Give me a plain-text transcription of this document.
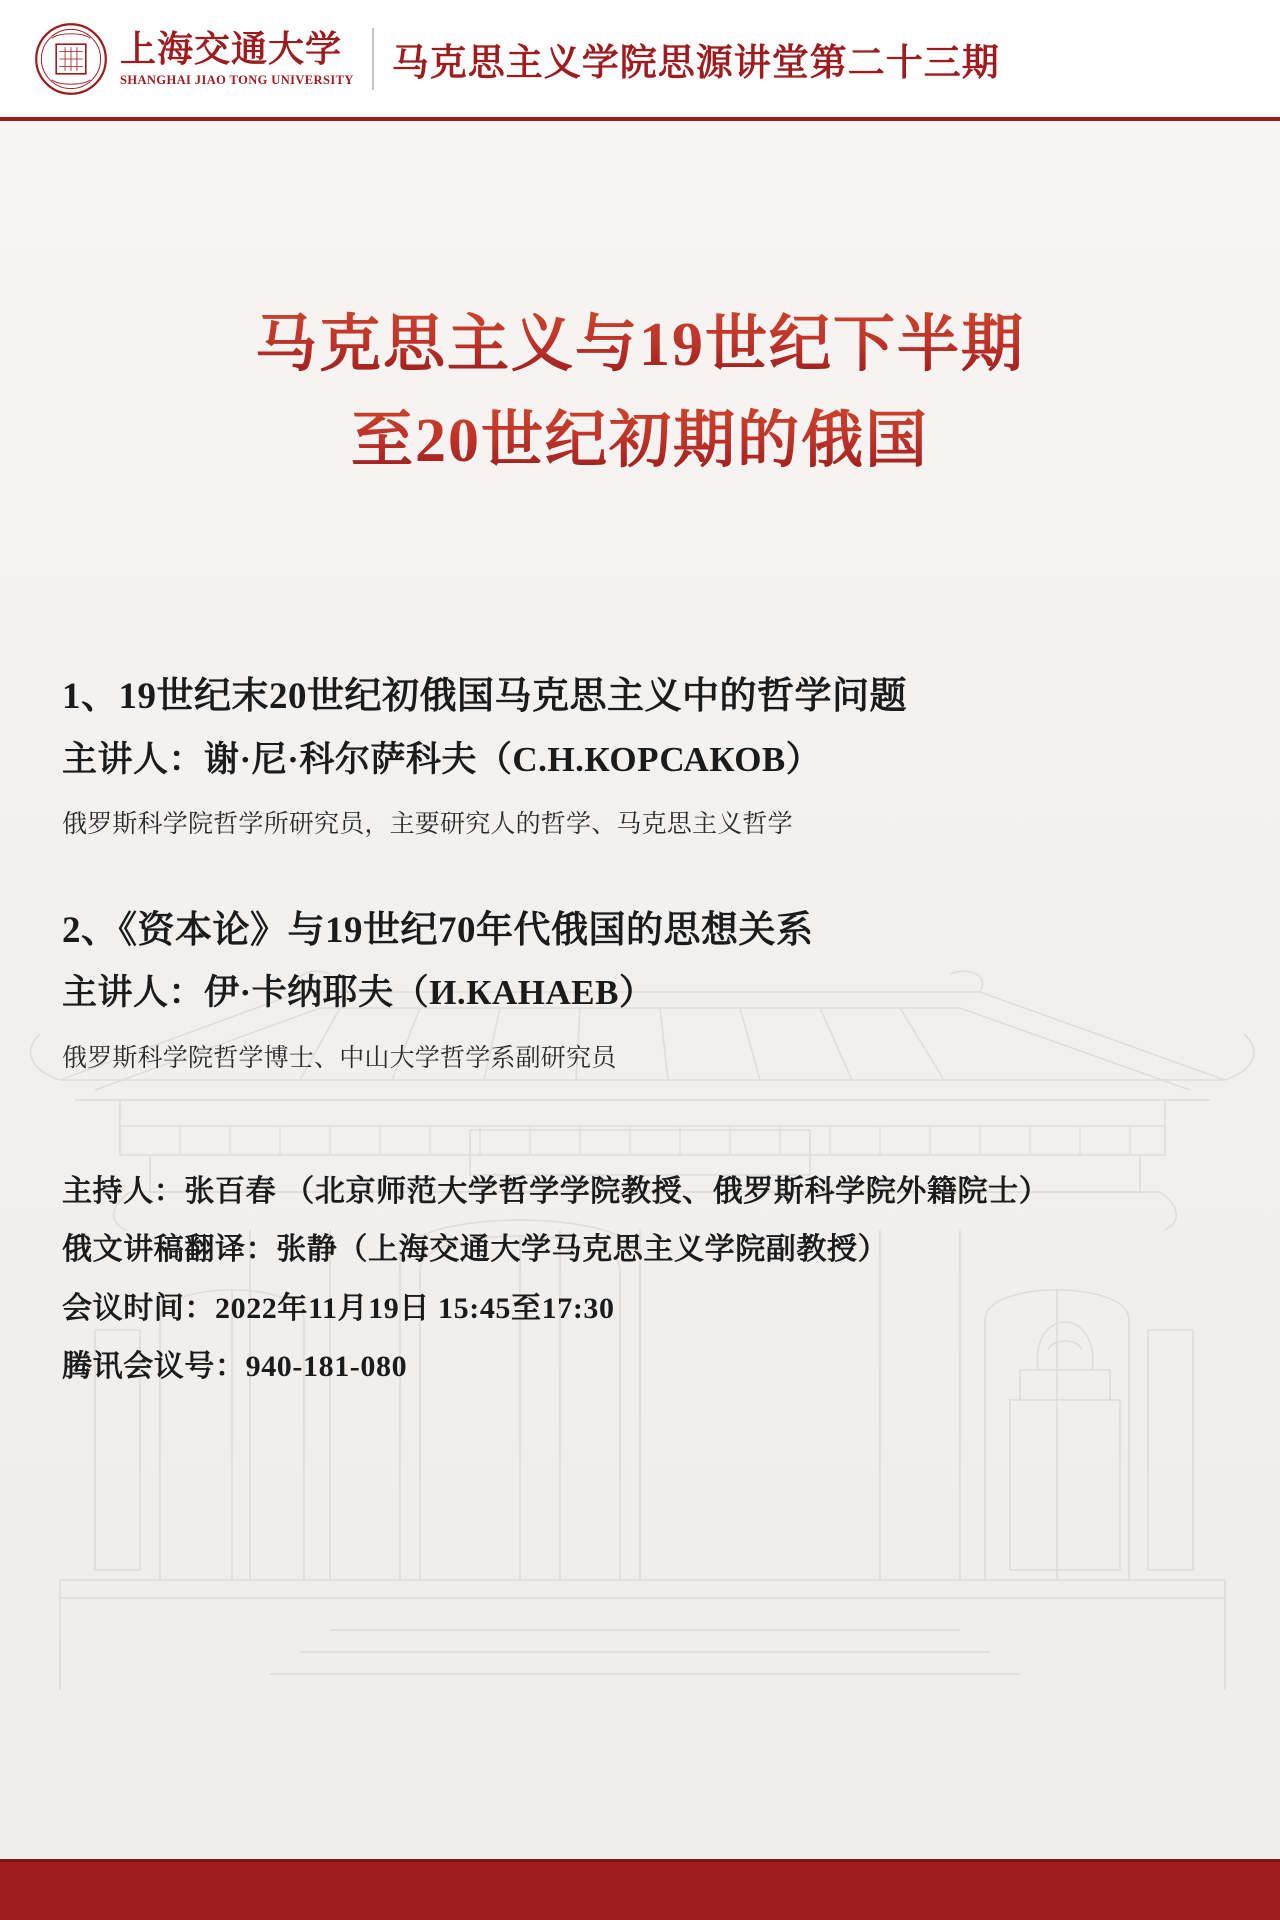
上海交通大学
SHANGHAI JIAO TONG UNIVERSITY 马克思主义学院思源讲堂第二十三期
马克思主义与19世纪下半期
至20世纪初期的俄国
1、19世纪末20世纪初俄国马克思主义中的哲学问题
主讲人：谢·尼·科尔萨科夫（С.Н.КОРСАКОВ）
俄罗斯科学院哲学所研究员，主要研究人的哲学、马克思主义哲学
2、《资本论》与19世纪70年代俄国的思想关系
主讲人：伊·卡纳耶夫（И.КАНАЕВ）
俄罗斯科学院哲学博士、中山大学哲学系副研究员
主持人：张百春 （北京师范大学哲学学院教授、俄罗斯科学院外籍院士）
俄文讲稿翻译：张静（上海交通大学马克思主义学院副教授）
会议时间：2022年11月19日 15:45至17:30
腾讯会议号：940-181-080
